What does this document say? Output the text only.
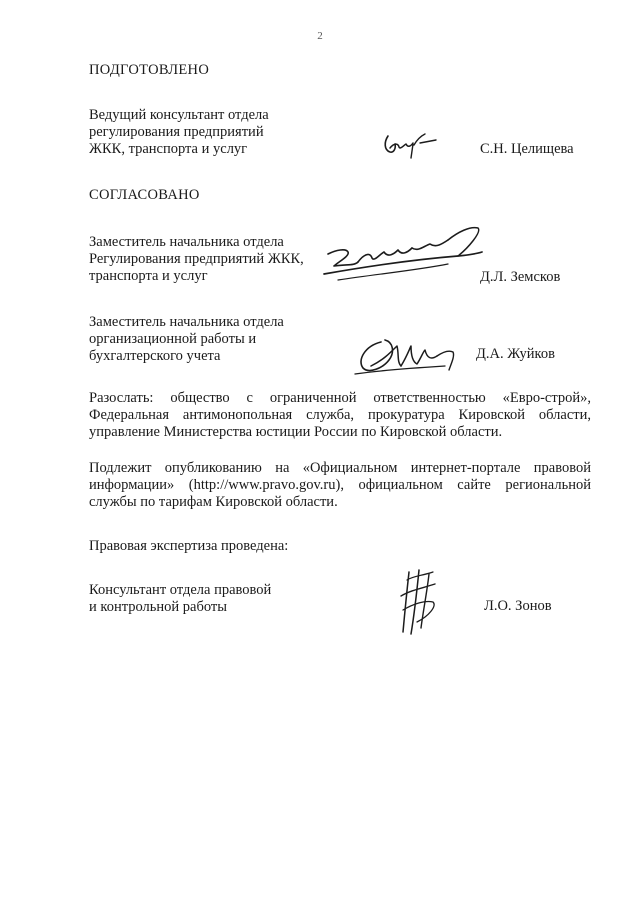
2
ПОДГОТОВЛЕНО
Ведущий консультант отдела
регулирования предприятий
ЖКК, транспорта и услуг	С.Н. Целищева
СОГЛАСОВАНО
Заместитель начальника отдела
Регулирования предприятий ЖКК,
транспорта и услуг	Д.Л. Земсков
Заместитель начальника отдела
организационной работы и
бухгалтерского учета	Д.А. Жуйков
Разослать: общество с ограниченной ответственностью «Евро-строй»,
Федеральная антимонопольная служба, прокуратура Кировской области,
управление Министерства юстиции России по Кировской области.
Подлежит опубликованию на «Официальном интернет-портале правовой
информации» (http://www.pravo.gov.ru), официальном сайте региональной
службы по тарифам Кировской области.
Правовая экспертиза проведена:
Консультант отдела правовой
и контрольной работы	Л.О. Зонов
